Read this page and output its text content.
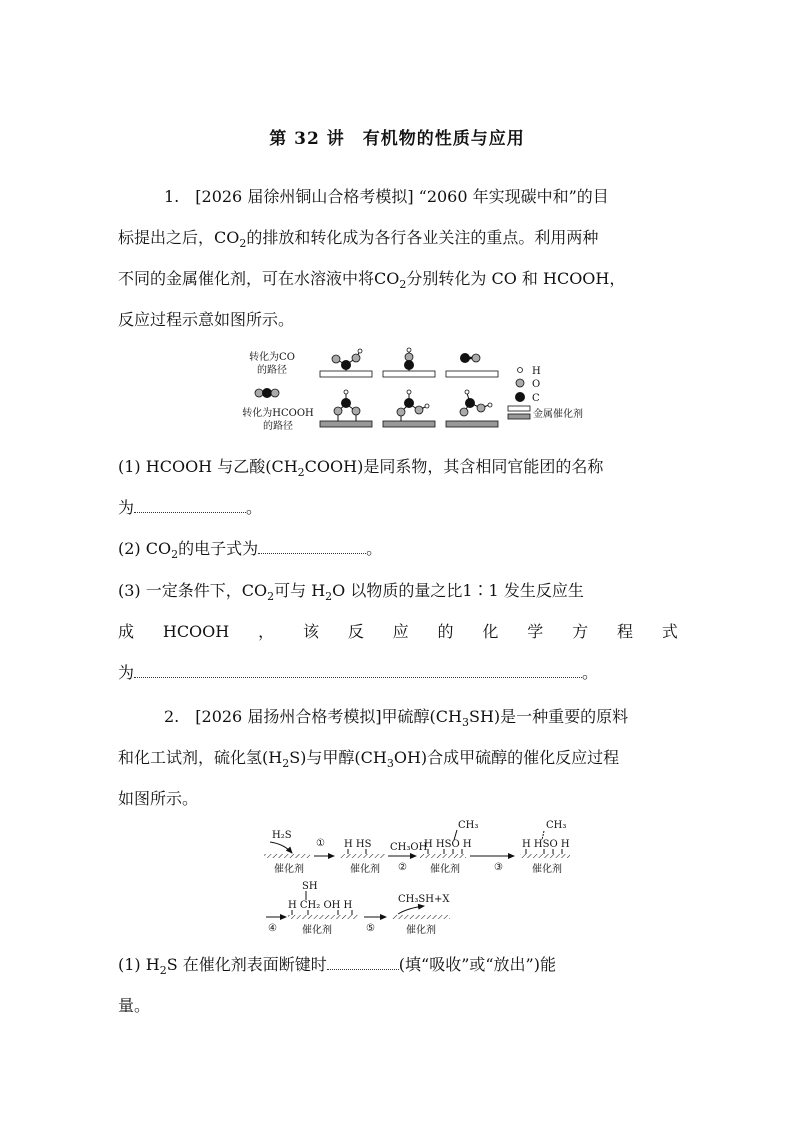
第 32 讲　有机物的性质与应用
1.　[2026 届徐州铜山合格考模拟] “2060 年实现碳中和”的目
标提出之后，$CO_2$的排放和转化成为各行各业关注的重点。利用两种
不同的金属催化剂，可在水溶液中将$CO_2$分别转化为 CO 和 HCOOH，
反应过程示意如图所示。
转化为CO
的路径
转化为HCOOH
的路径
H
O
C
金属催化剂
(1) HCOOH 与乙酸$(CH_2COOH)$是同系物，其含相同官能团的名称
为	。
(2) $CO_2$的电子式为	。
(3) 一定条件下，$CO_2$可与 $H_2O$ 以物质的量之比1∶1 发生反应生
成 HCOOH ， 该 反 应 的 化 学 方 程 式
为	。
2.　[2026 届扬州合格考模拟]甲硫醇$(CH_3SH)$是一种重要的原料
和化工试剂，硫化氢$(H_2S)$与甲醇$(CH_3OH)$合成甲硫醇的催化反应过程
如图所示。
催化剂	催化剂	催化剂	催化剂
H₂S
① H HS CH₃OH
②
CH₃
H HSO H
③
CH₃
H HSO H
④
SH
H CH₂ OH H
催化剂	⑤
CH₃SH+X
催化剂
(1) $H_2S$ 在催化剂表面断键时	(填“吸收”或“放出”)能
量。
